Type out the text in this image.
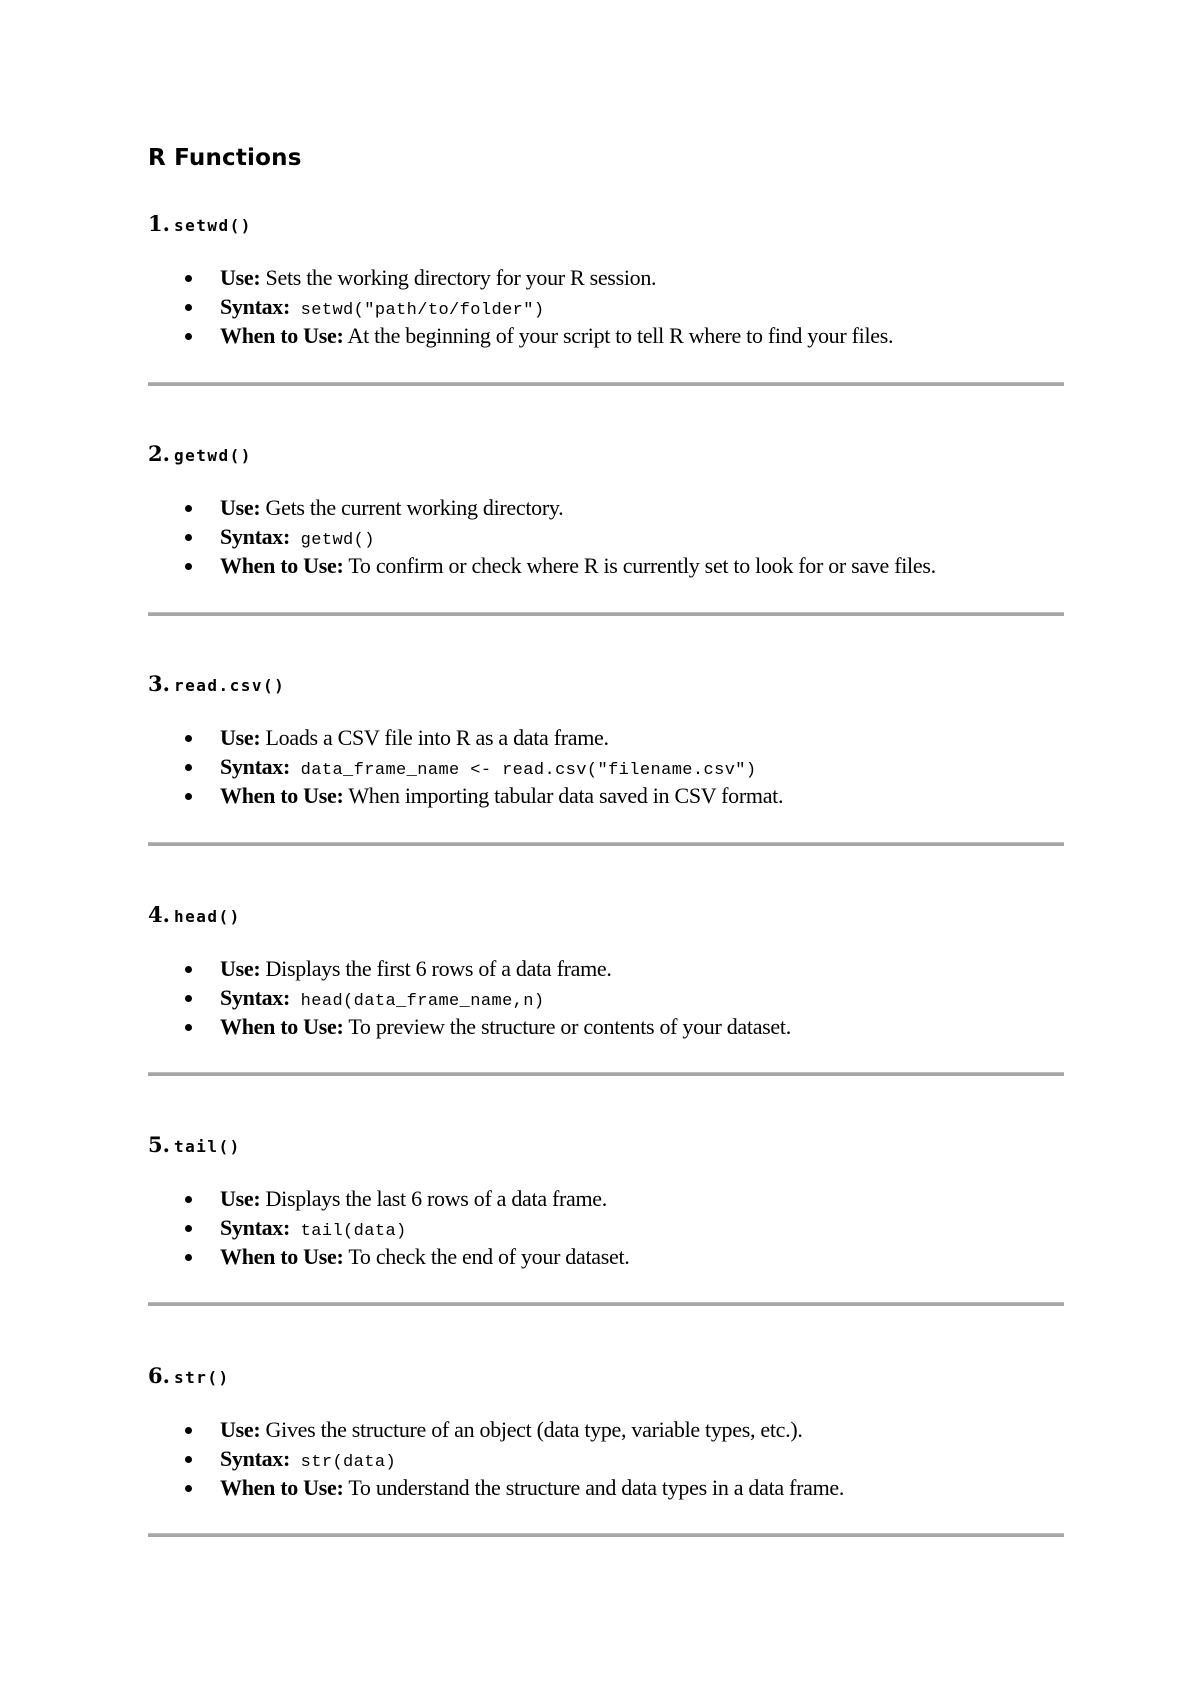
R Functions
1. setwd()
Use: Sets the working directory for your R session.
Syntax: setwd("path/to/folder")
When to Use: At the beginning of your script to tell R where to find your files.
2. getwd()
Use: Gets the current working directory.
Syntax: getwd()
When to Use: To confirm or check where R is currently set to look for or save files.
3. read.csv()
Use: Loads a CSV file into R as a data frame.
Syntax: data_frame_name <- read.csv("filename.csv")
When to Use: When importing tabular data saved in CSV format.
4. head()
Use: Displays the first 6 rows of a data frame.
Syntax: head(data_frame_name,n)
When to Use: To preview the structure or contents of your dataset.
5. tail()
Use: Displays the last 6 rows of a data frame.
Syntax: tail(data)
When to Use: To check the end of your dataset.
6. str()
Use: Gives the structure of an object (data type, variable types, etc.).
Syntax: str(data)
When to Use: To understand the structure and data types in a data frame.
